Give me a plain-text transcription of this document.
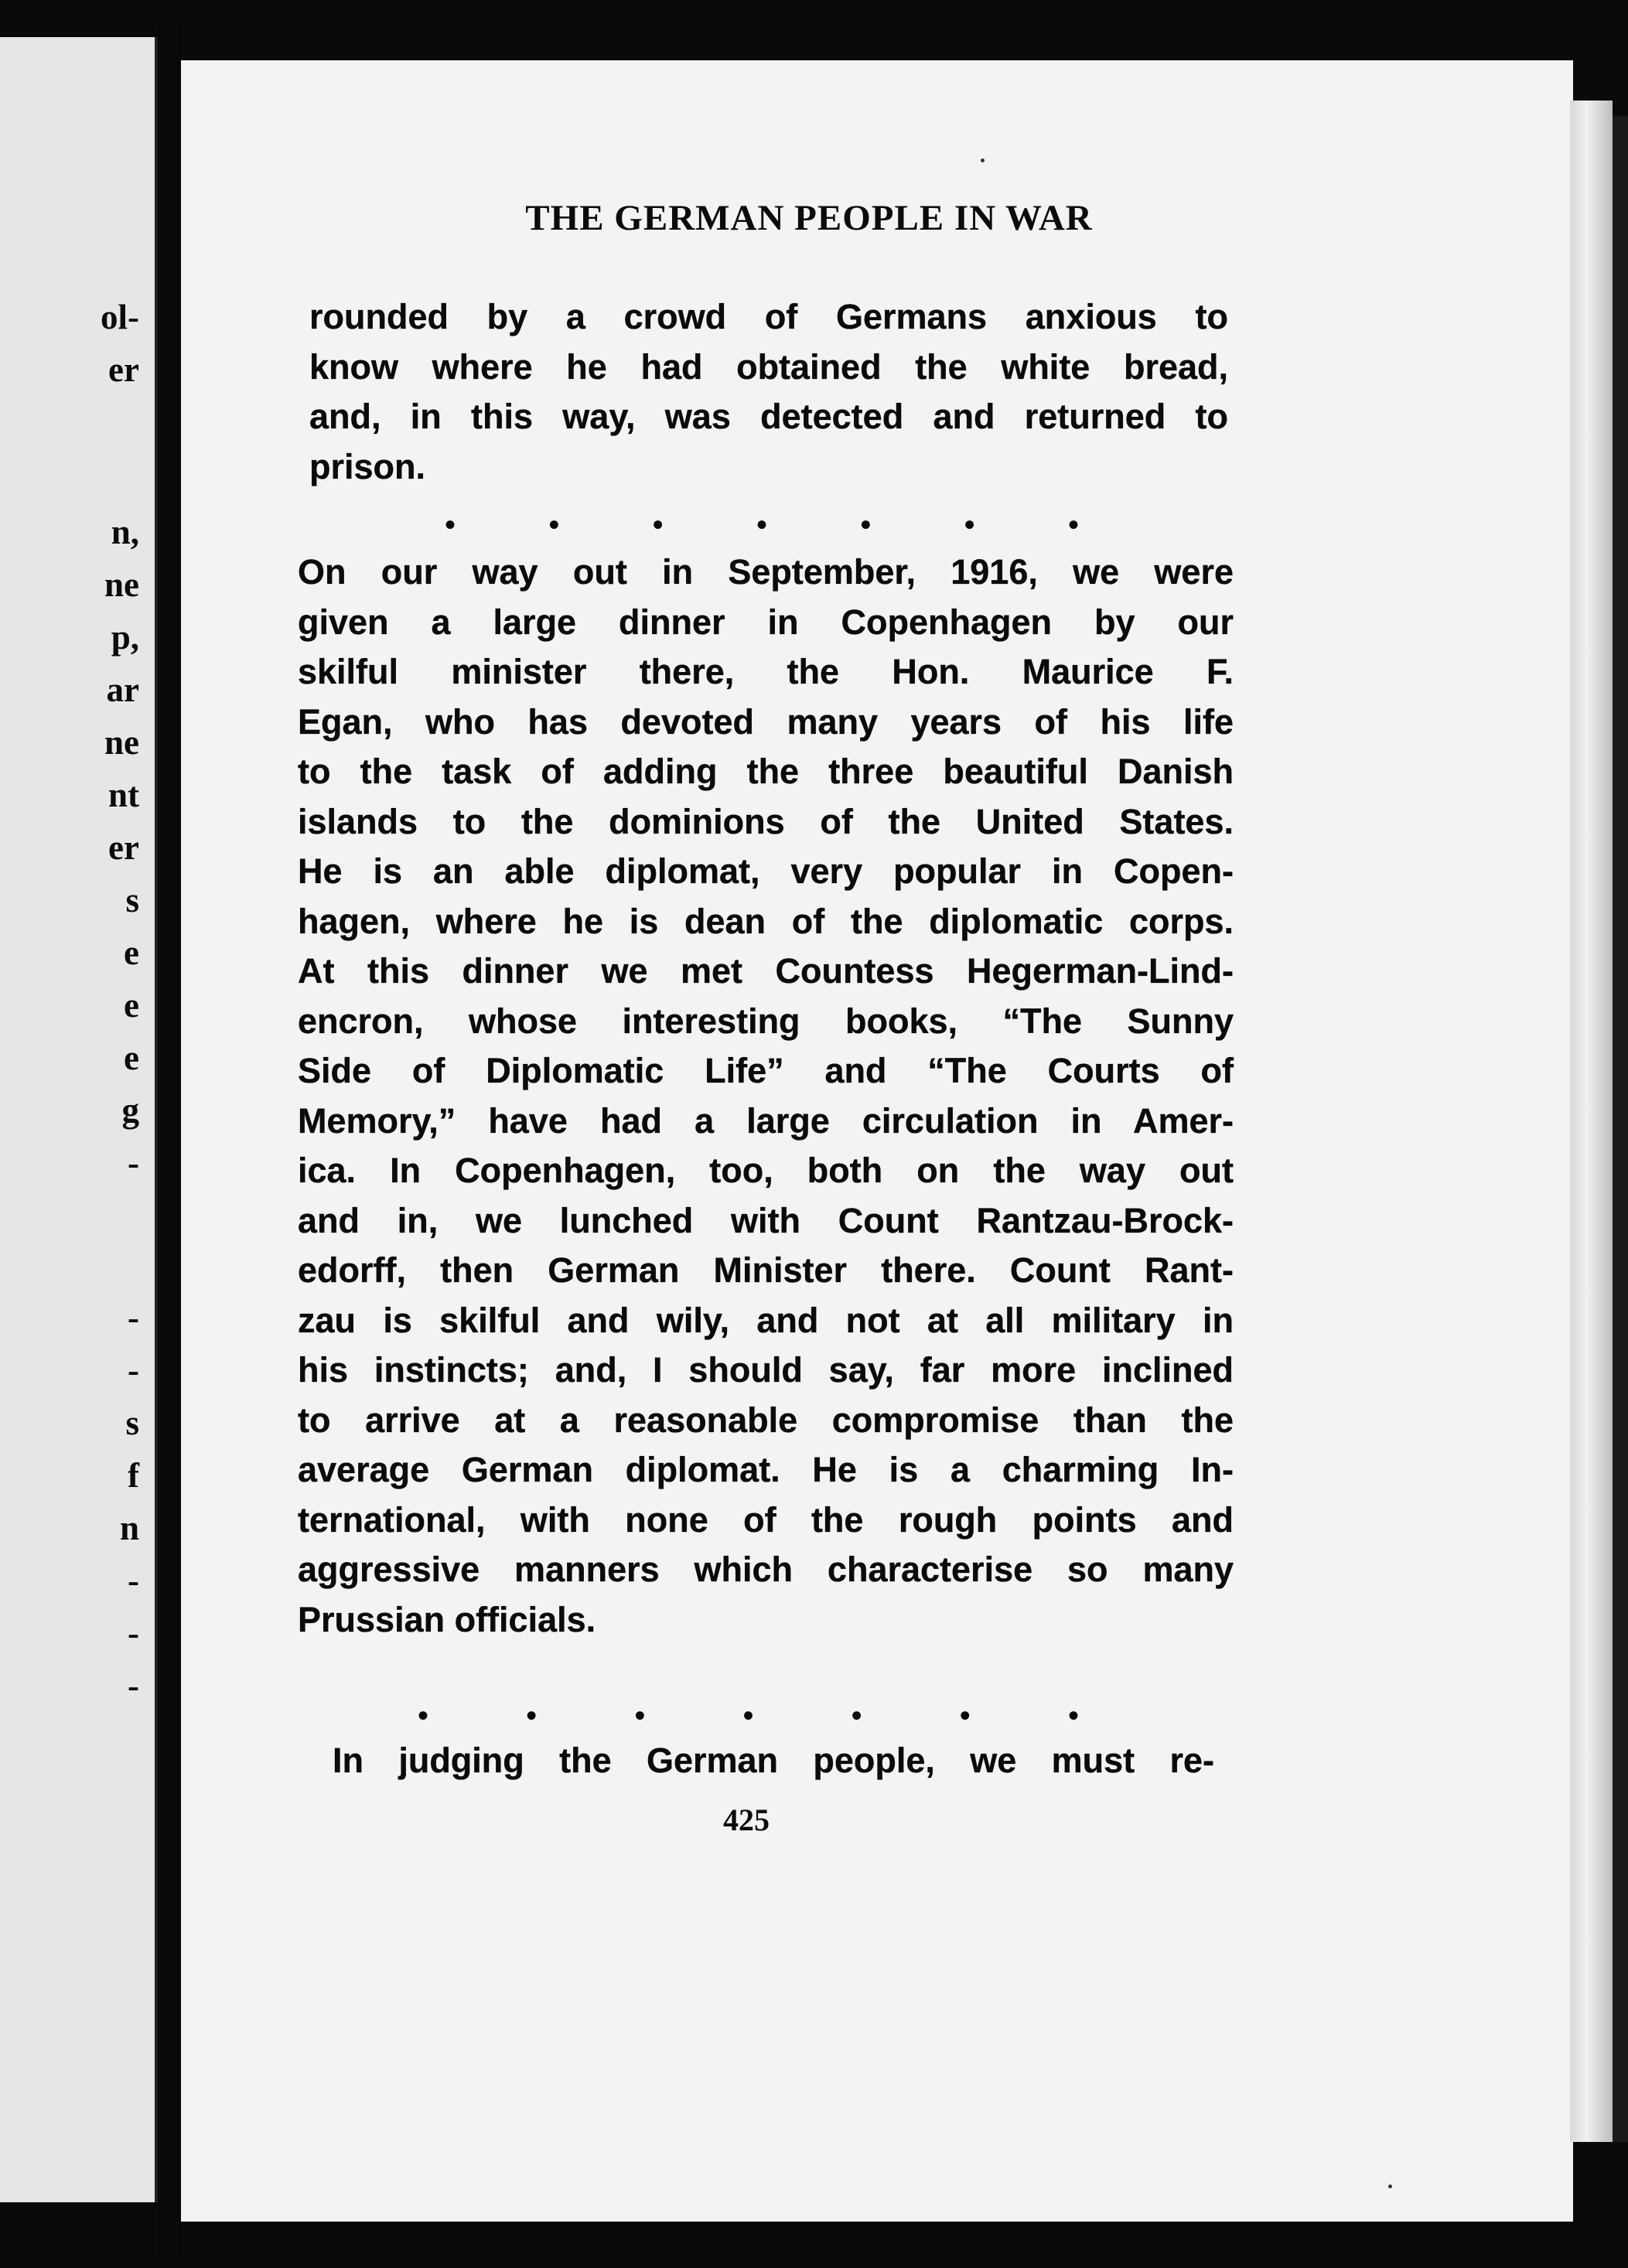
ol-
er
n,
ne
p,
ar
ne
nt
er
s
e
e
e
g
-
-
-
s
f
n
-
-
-
THE GERMAN PEOPLE IN WAR
rounded by a crowd of Germans anxious to
know where he had obtained the white bread,
and, in this way, was detected and returned to
prison.
•	•	•	•	•	•	•
On our way out in September, 1916, we were
given a large dinner in Copenhagen by our
skilful minister there, the Hon. Maurice F.
Egan, who has devoted many years of his life
to the task of adding the three beautiful Danish
islands to the dominions of the United States.
He is an able diplomat, very popular in Copen-
hagen, where he is dean of the diplomatic corps.
At this dinner we met Countess Hegerman-Lind-
encron, whose interesting books, “The Sunny
Side of Diplomatic Life” and “The Courts of
Memory,” have had a large circulation in Amer-
ica. In Copenhagen, too, both on the way out
and in, we lunched with Count Rantzau-Brock-
edorff, then German Minister there. Count Rant-
zau is skilful and wily, and not at all military in
his instincts; and, I should say, far more inclined
to arrive at a reasonable compromise than the
average German diplomat. He is a charming In-
ternational, with none of the rough points and
aggressive manners which characterise so many
Prussian officials.
•	•	•	•	•	•	•
In judging the German people, we must re-
425
